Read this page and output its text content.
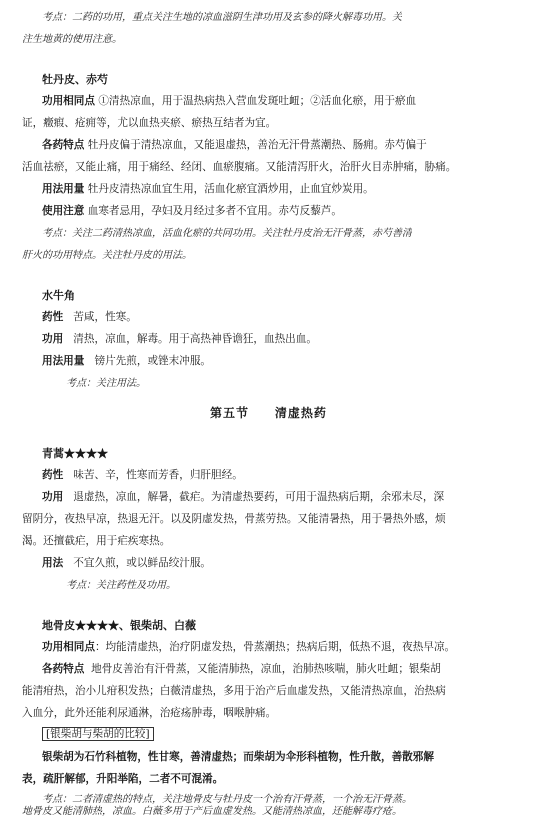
考点：二药的功用，重点关注生地的凉血滋阴生津功用及玄参的降火解毒功用。关
注生地黄的使用注意。
牡丹皮、赤芍
功用相同点 ①清热凉血，用于温热病热入营血发斑吐衄；②活血化瘀，用于瘀血
证，癥瘕、疮痈等，尤以血热夹瘀、瘀热互结者为宜。
各药特点 牡丹皮偏于清热凉血，又能退虚热，善治无汗骨蒸潮热、肠痈。赤芍偏于
活血祛瘀，又能止痛，用于痛经、经闭、血瘀腹痛。又能清泻肝火，治肝火目赤肿痛，胁痛。
用法用量 牡丹皮清热凉血宜生用，活血化瘀宜酒炒用，止血宜炒炭用。
使用注意 血寒者忌用，孕妇及月经过多者不宜用。赤芍反藜芦。
考点：关注二药清热凉血，活血化瘀的共同功用。关注牡丹皮治无汗骨蒸，赤芍善清
肝火的功用特点。关注牡丹皮的用法。
水牛角
药性 苦咸，性寒。
功用 清热，凉血，解毒。用于高热神昏谵狂，血热出血。
用法用量 镑片先煎，或锉末冲服。
考点：关注用法。
第五节 清虚热药
青蒿★★★★
药性 味苦、辛，性寒而芳香，归肝胆经。
功用 退虚热，凉血，解暑，截疟。为清虚热要药，可用于温热病后期，余邪未尽，深
留阴分，夜热早凉，热退无汗。以及阴虚发热，骨蒸劳热。又能清暑热，用于暑热外感，烦
渴。还擅截疟，用于疟疾寒热。
用法 不宜久煎，或以鲜品绞汁服。
考点：关注药性及功用。
地骨皮★★★★、银柴胡、白薇
功用相同点：均能清虚热，治疗阴虚发热，骨蒸潮热；热病后期，低热不退，夜热早凉。
各药特点 地骨皮善治有汗骨蒸，又能清肺热，凉血，治肺热咳喘，肺火吐衄；银柴胡
能清疳热，治小儿疳积发热；白薇清虚热，多用于治产后血虚发热，又能清热凉血，治热病
入血分，此外还能利尿通淋，治疮疡肿毒，咽喉肿痛。
[银柴胡与柴胡的比较]
银柴胡为石竹科植物，性甘寒，善清虚热；而柴胡为伞形科植物，性升散，善散邪解
表，疏肝解郁，升阳举陷，二者不可混淆。
考点：二者清虚热的特点，关注地骨皮与牡丹皮一个治有汗骨蒸，一个治无汗骨蒸。
地骨皮又能清肺热，凉血。白薇多用于产后血虚发热。又能清热凉血，还能解毒疗疮。
